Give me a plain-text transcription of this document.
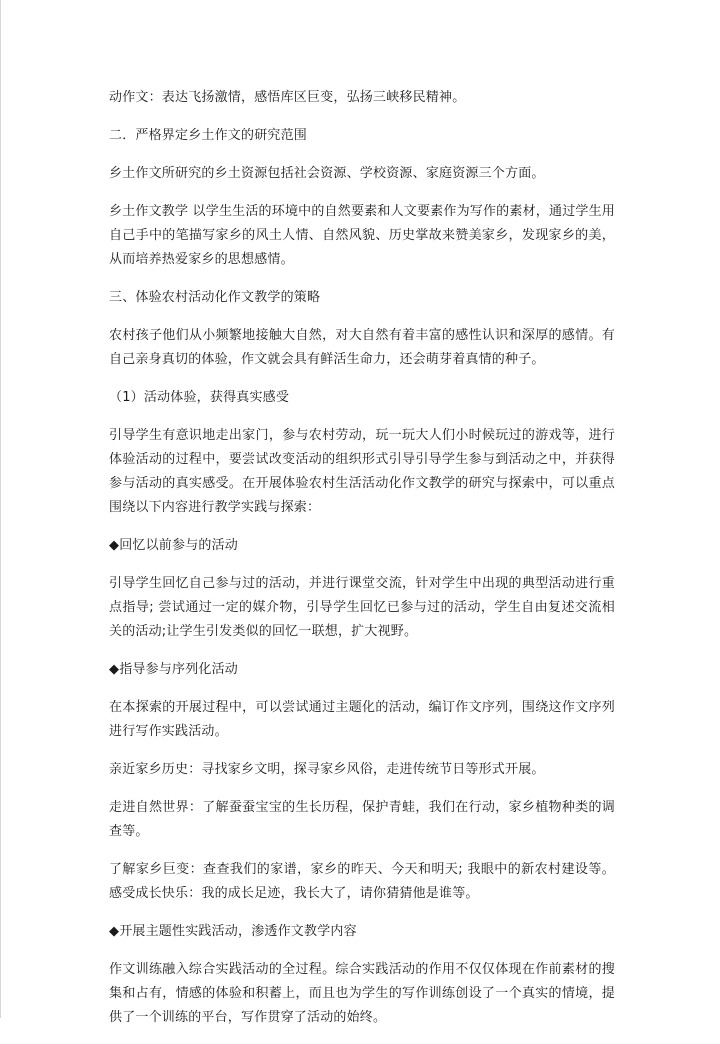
动作文：表达飞扬激情，感悟库区巨变，弘扬三峡移民精神。

二．严格界定乡土作文的研究范围

乡土作文所研究的乡土资源包括社会资源、学校资源、家庭资源三个方面。

乡土作文教学 以学生生活的环境中的自然要素和人文要素作为写作的素材，通过学生用自己手中的笔描写家乡的风土人情、自然风貌、历史掌故来赞美家乡，发现家乡的美，从而培养热爱家乡的思想感情。

三、体验农村活动化作文教学的策略

农村孩子他们从小频繁地接触大自然，对大自然有着丰富的感性认识和深厚的感情。有自己亲身真切的体验，作文就会具有鲜活生命力，还会萌芽着真情的种子。

（1）活动体验，获得真实感受

引导学生有意识地走出家门，参与农村劳动，玩一玩大人们小时候玩过的游戏等，进行体验活动的过程中，要尝试改变活动的组织形式引导引导学生参与到活动之中，并获得参与活动的真实感受。在开展体验农村生活活动化作文教学的研究与探索中，可以重点围绕以下内容进行教学实践与探索：

◆回忆以前参与的活动

引导学生回忆自己参与过的活动，并进行课堂交流，针对学生中出现的典型活动进行重点指导; 尝试通过一定的媒介物，引导学生回忆已参与过的活动，学生自由复述交流相关的活动;让学生引发类似的回忆一联想，扩大视野。

◆指导参与序列化活动

在本探索的开展过程中，可以尝试通过主题化的活动，编订作文序列，围绕这作文序列进行写作实践活动。

亲近家乡历史：寻找家乡文明，探寻家乡风俗，走进传统节日等形式开展。

走进自然世界：了解蚕蚕宝宝的生长历程，保护青蛙，我们在行动，家乡植物种类的调查等。

了解家乡巨变：查查我们的家谱，家乡的昨天、今天和明天; 我眼中的新农村建设等。感受成长快乐：我的成长足迹，我长大了，请你猜猜他是谁等。

◆开展主题性实践活动，渗透作文教学内容

作文训练融入综合实践活动的全过程。综合实践活动的作用不仅仅体现在作前素材的搜集和占有，情感的体验和积蓄上，而且也为学生的写作训练创设了一个真实的情境，提供了一个训练的平台，写作贯穿了活动的始终。
